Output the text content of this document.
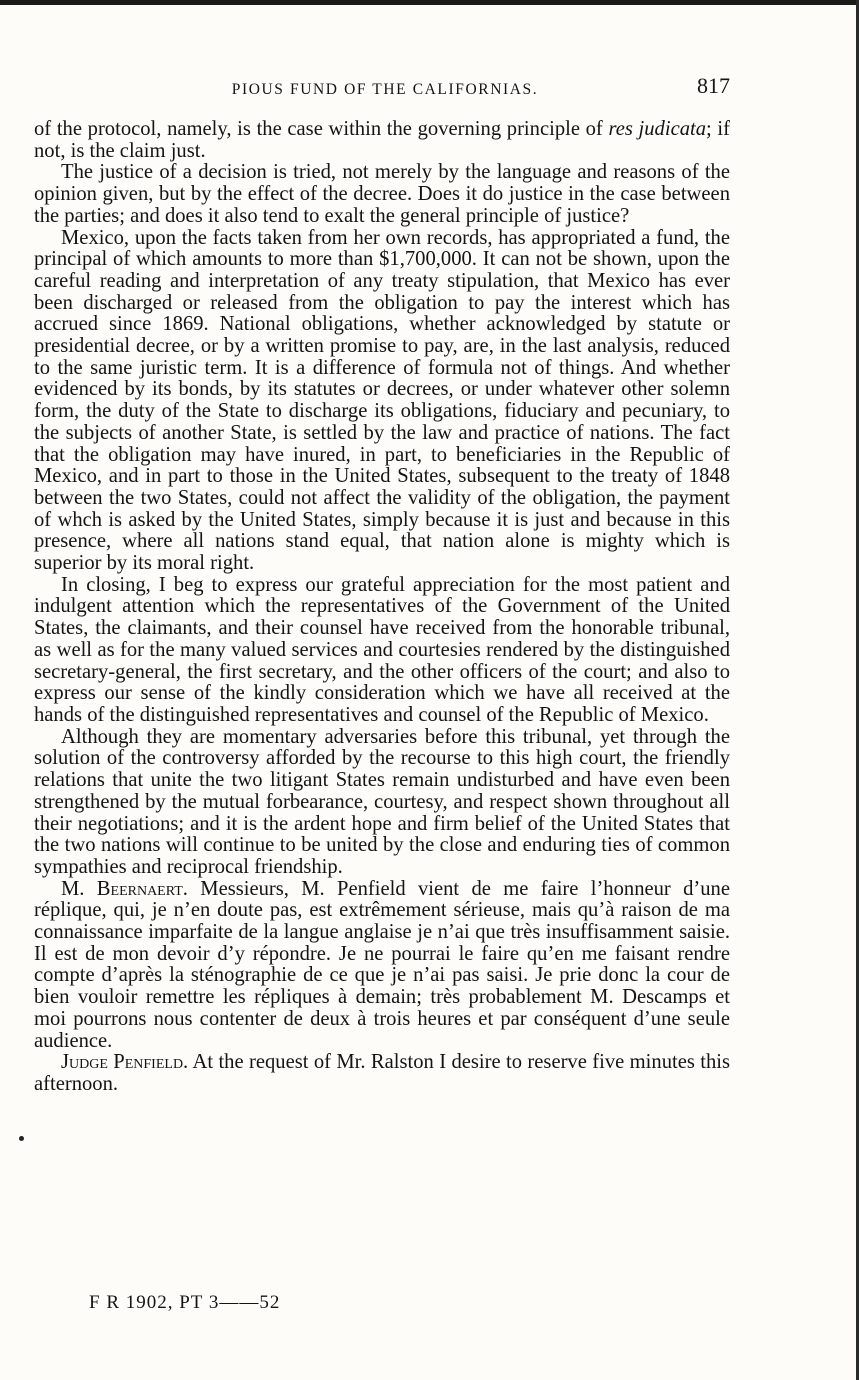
PIOUS FUND OF THE CALIFORNIAS.	817

of the protocol, namely, is the case within the governing principle of res judicata; if not, is the claim just.

The justice of a decision is tried, not merely by the language and reasons of the opinion given, but by the effect of the decree. Does it do justice in the case between the parties; and does it also tend to exalt the general principle of justice?

Mexico, upon the facts taken from her own records, has appropriated a fund, the principal of which amounts to more than $1,700,000. It can not be shown, upon the careful reading and interpretation of any treaty stipulation, that Mexico has ever been discharged or released from the obligation to pay the interest which has accrued since 1869. National obligations, whether acknowledged by statute or presidential decree, or by a written promise to pay, are, in the last analysis, reduced to the same juristic term. It is a difference of formula not of things. And whether evidenced by its bonds, by its statutes or decrees, or under whatever other solemn form, the duty of the State to discharge its obligations, fiduciary and pecuniary, to the subjects of another State, is settled by the law and practice of nations. The fact that the obligation may have inured, in part, to beneficiaries in the Republic of Mexico, and in part to those in the United States, subsequent to the treaty of 1848 between the two States, could not affect the validity of the obligation, the payment of whch is asked by the United States, simply because it is just and because in this presence, where all nations stand equal, that nation alone is mighty which is superior by its moral right.

In closing, I beg to express our grateful appreciation for the most patient and indulgent attention which the representatives of the Government of the United States, the claimants, and their counsel have received from the honorable tribunal, as well as for the many valued services and courtesies rendered by the distinguished secretary-general, the first secretary, and the other officers of the court; and also to express our sense of the kindly consideration which we have all received at the hands of the distinguished representatives and counsel of the Republic of Mexico.

Although they are momentary adversaries before this tribunal, yet through the solution of the controversy afforded by the recourse to this high court, the friendly relations that unite the two litigant States remain undisturbed and have even been strengthened by the mutual forbearance, courtesy, and respect shown throughout all their negotiations; and it is the ardent hope and firm belief of the United States that the two nations will continue to be united by the close and enduring ties of common sympathies and reciprocal friendship.

M. Beernaert. Messieurs, M. Penfield vient de me faire l’honneur d’une réplique, qui, je n’en doute pas, est extrêmement sérieuse, mais qu’à raison de ma connaissance imparfaite de la langue anglaise je n’ai que très insuffisamment saisie. Il est de mon devoir d’y répondre. Je ne pourrai le faire qu’en me faisant rendre compte d’après la sténographie de ce que je n’ai pas saisi. Je prie donc la cour de bien vouloir remettre les répliques à demain; très probablement M. Descamps et moi pourrons nous contenter de deux à trois heures et par conséquent d’une seule audience.

Judge Penfield. At the request of Mr. Ralston I desire to reserve five minutes this afternoon.

F R 1902, PT 3——52
